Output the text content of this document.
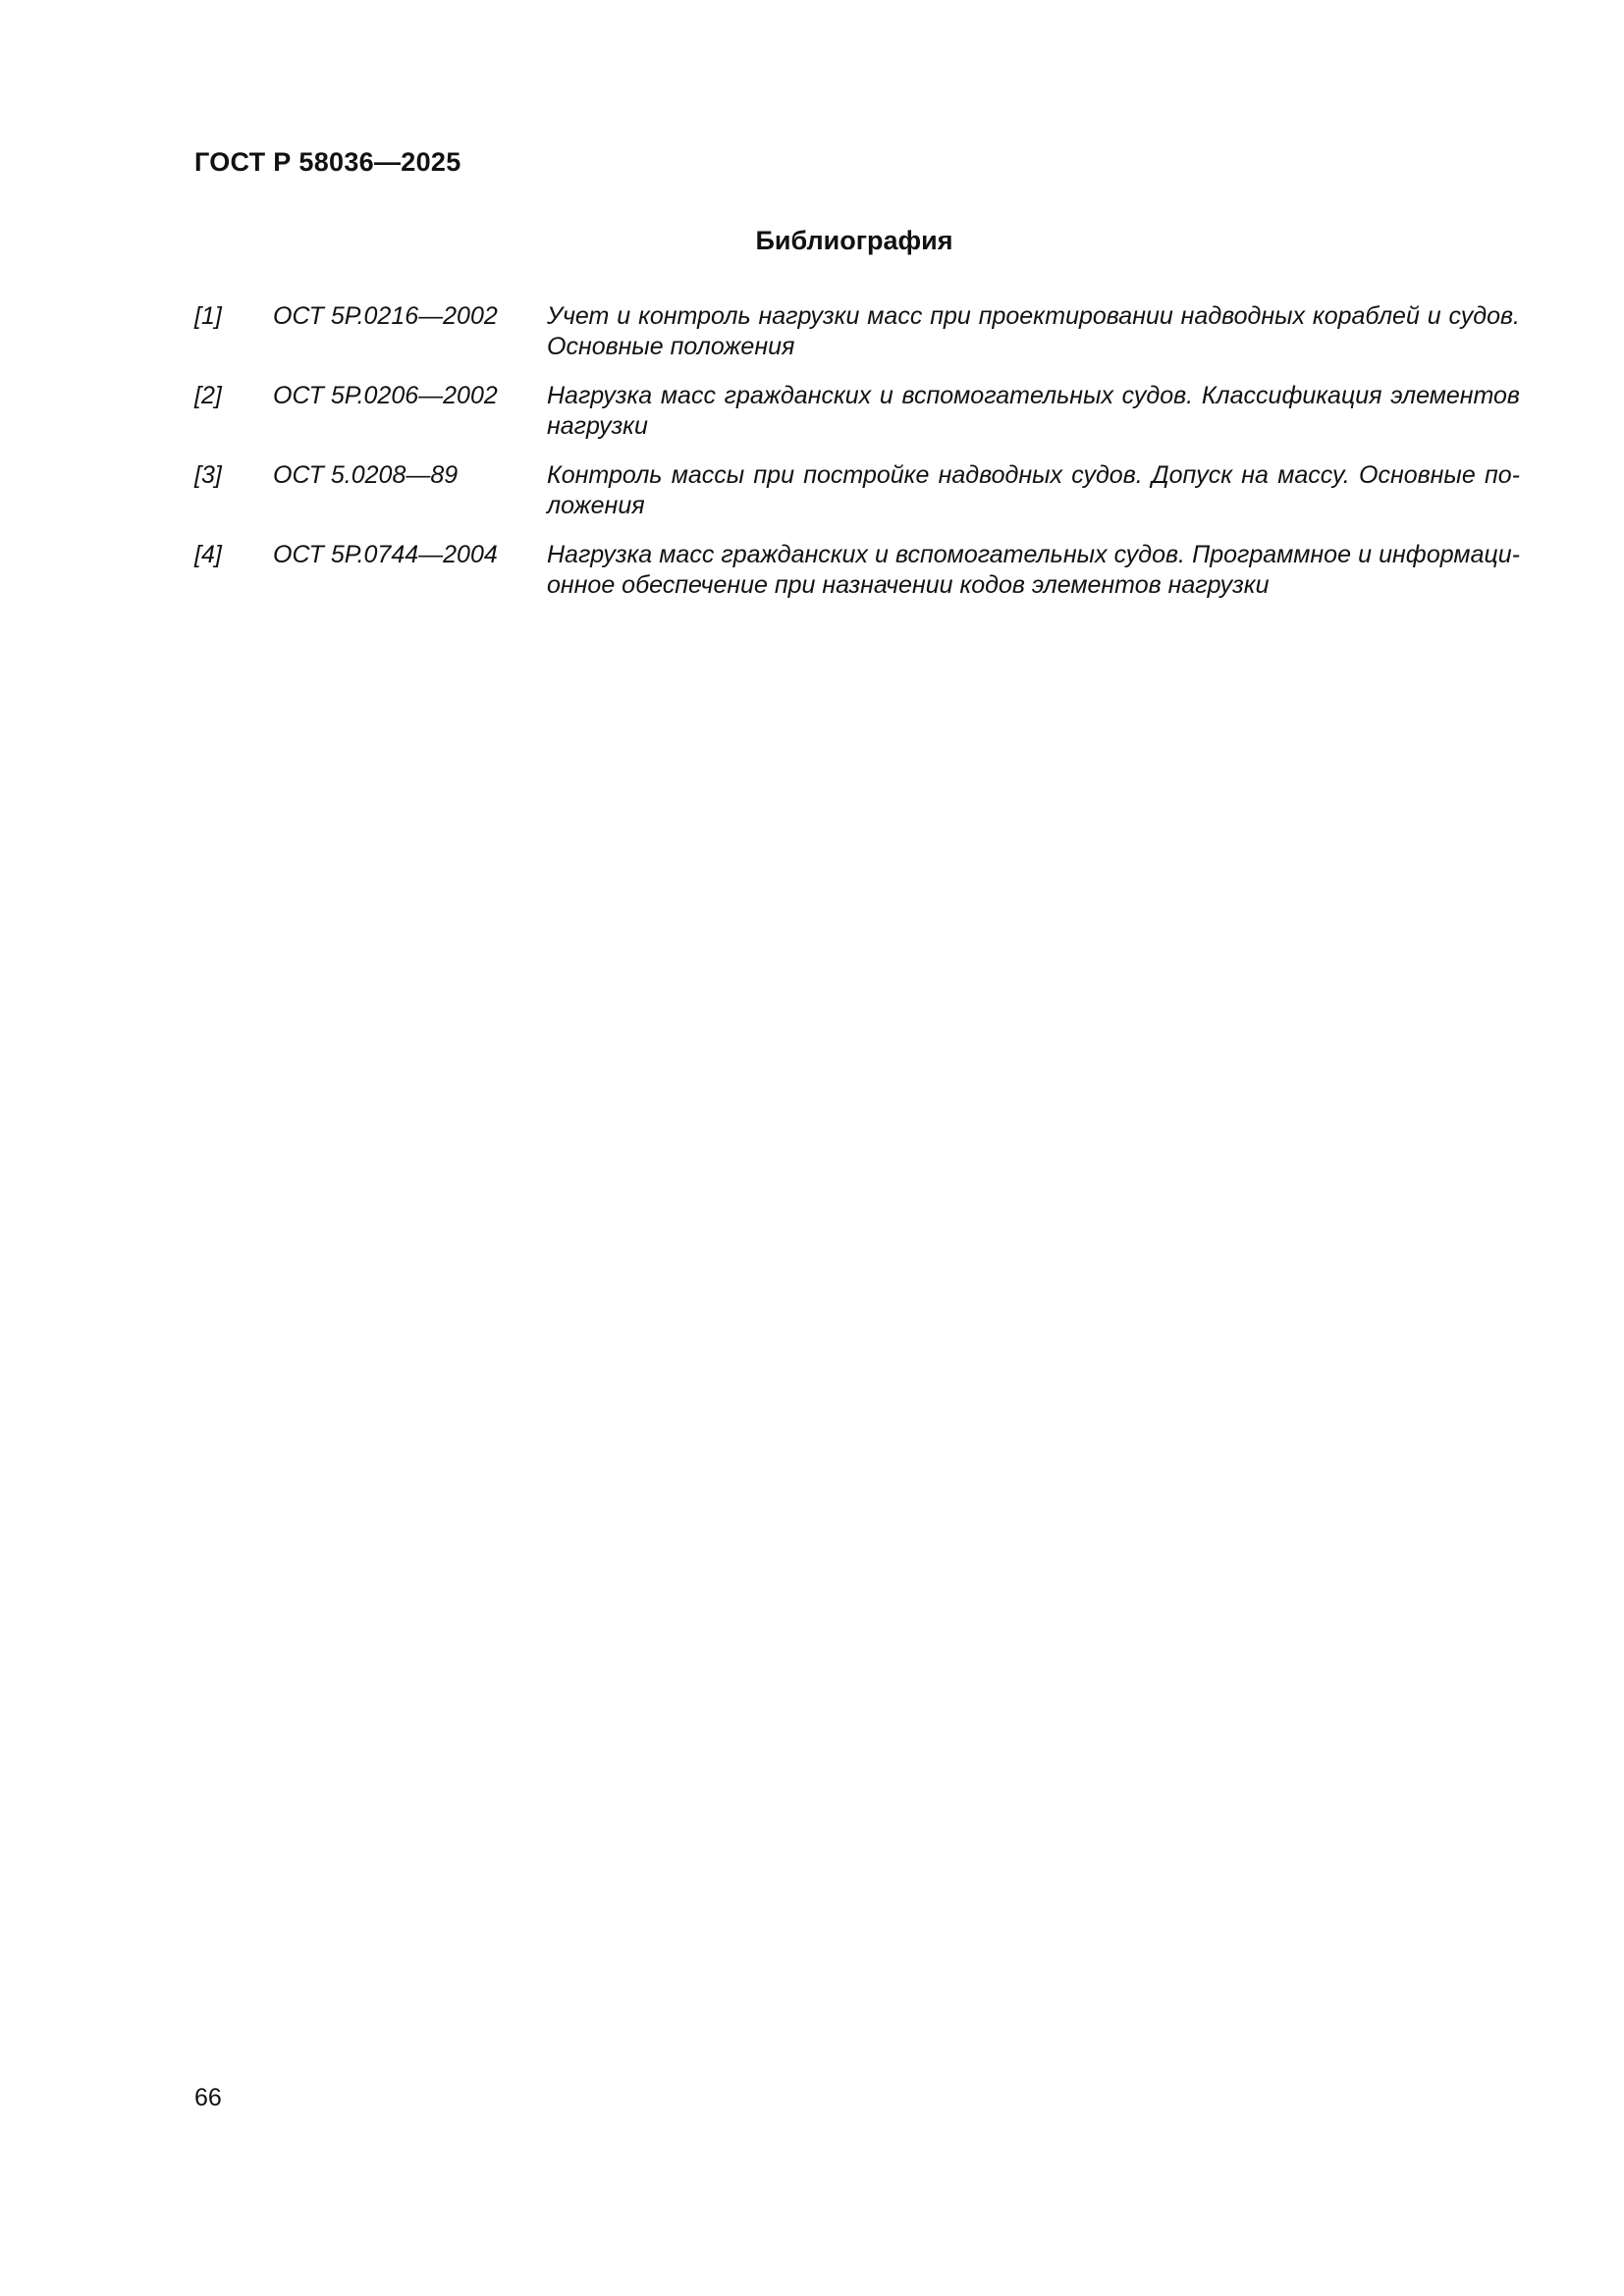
ГОСТ Р 58036—2025
Библиография
[1]	ОСТ 5Р.0216—2002	Учет и контроль нагрузки масс при проектировании надводных кораблей и судов.
Основные положения
[2]	ОСТ 5Р.0206—2002	Нагрузка масс гражданских и вспомогательных судов. Классификация элементов
нагрузки
[3]	ОСТ 5.0208—89	Контроль массы при постройке надводных судов. Допуск на массу. Основные по-
ложения
[4]	ОСТ 5Р.0744—2004	Нагрузка масс гражданских и вспомогательных судов. Программное и информаци-
онное обеспечение при назначении кодов элементов нагрузки

66
